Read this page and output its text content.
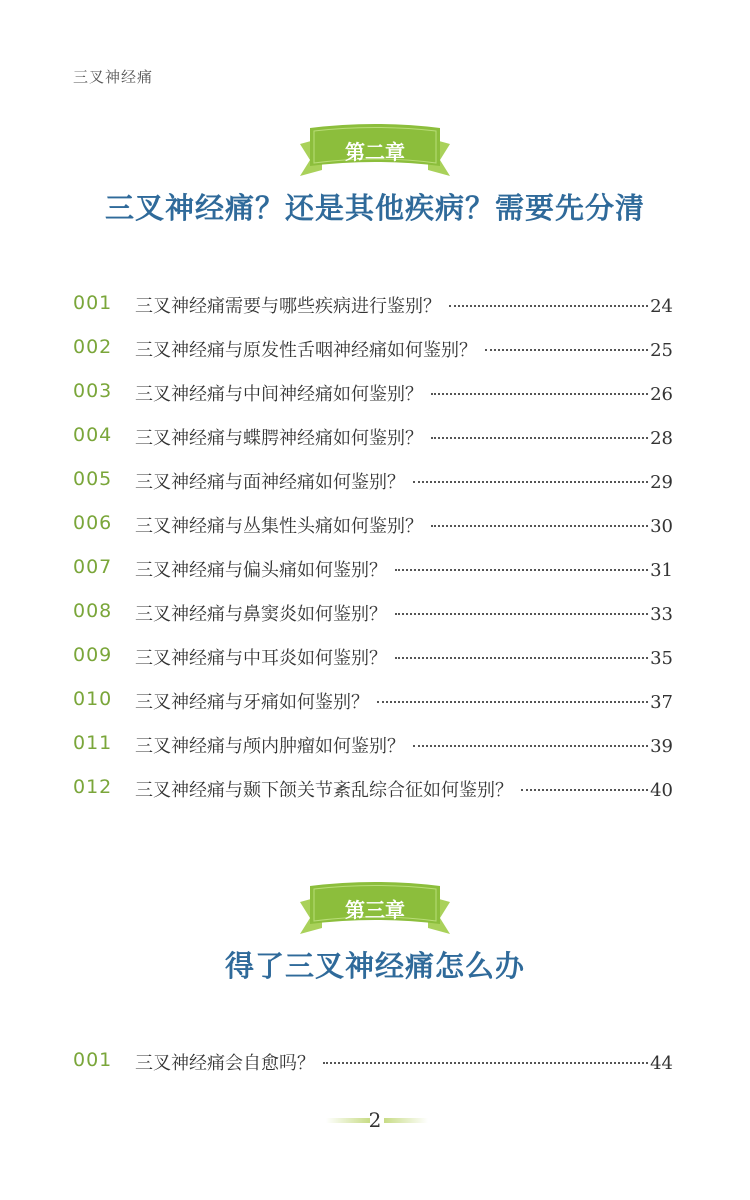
三叉神经痛
第二章
三叉神经痛？还是其他疾病？需要先分清
001 三叉神经痛需要与哪些疾病进行鉴别？	24
002 三叉神经痛与原发性舌咽神经痛如何鉴别？	25
003 三叉神经痛与中间神经痛如何鉴别？	26
004 三叉神经痛与蝶腭神经痛如何鉴别？	28
005 三叉神经痛与面神经痛如何鉴别？	29
006 三叉神经痛与丛集性头痛如何鉴别？	30
007 三叉神经痛与偏头痛如何鉴别？	31
008 三叉神经痛与鼻窦炎如何鉴别？	33
009 三叉神经痛与中耳炎如何鉴别？	35
010 三叉神经痛与牙痛如何鉴别？	37
011 三叉神经痛与颅内肿瘤如何鉴别？	39
012 三叉神经痛与颞下颌关节紊乱综合征如何鉴别？	40
第三章
得了三叉神经痛怎么办
001 三叉神经痛会自愈吗？	44
2
